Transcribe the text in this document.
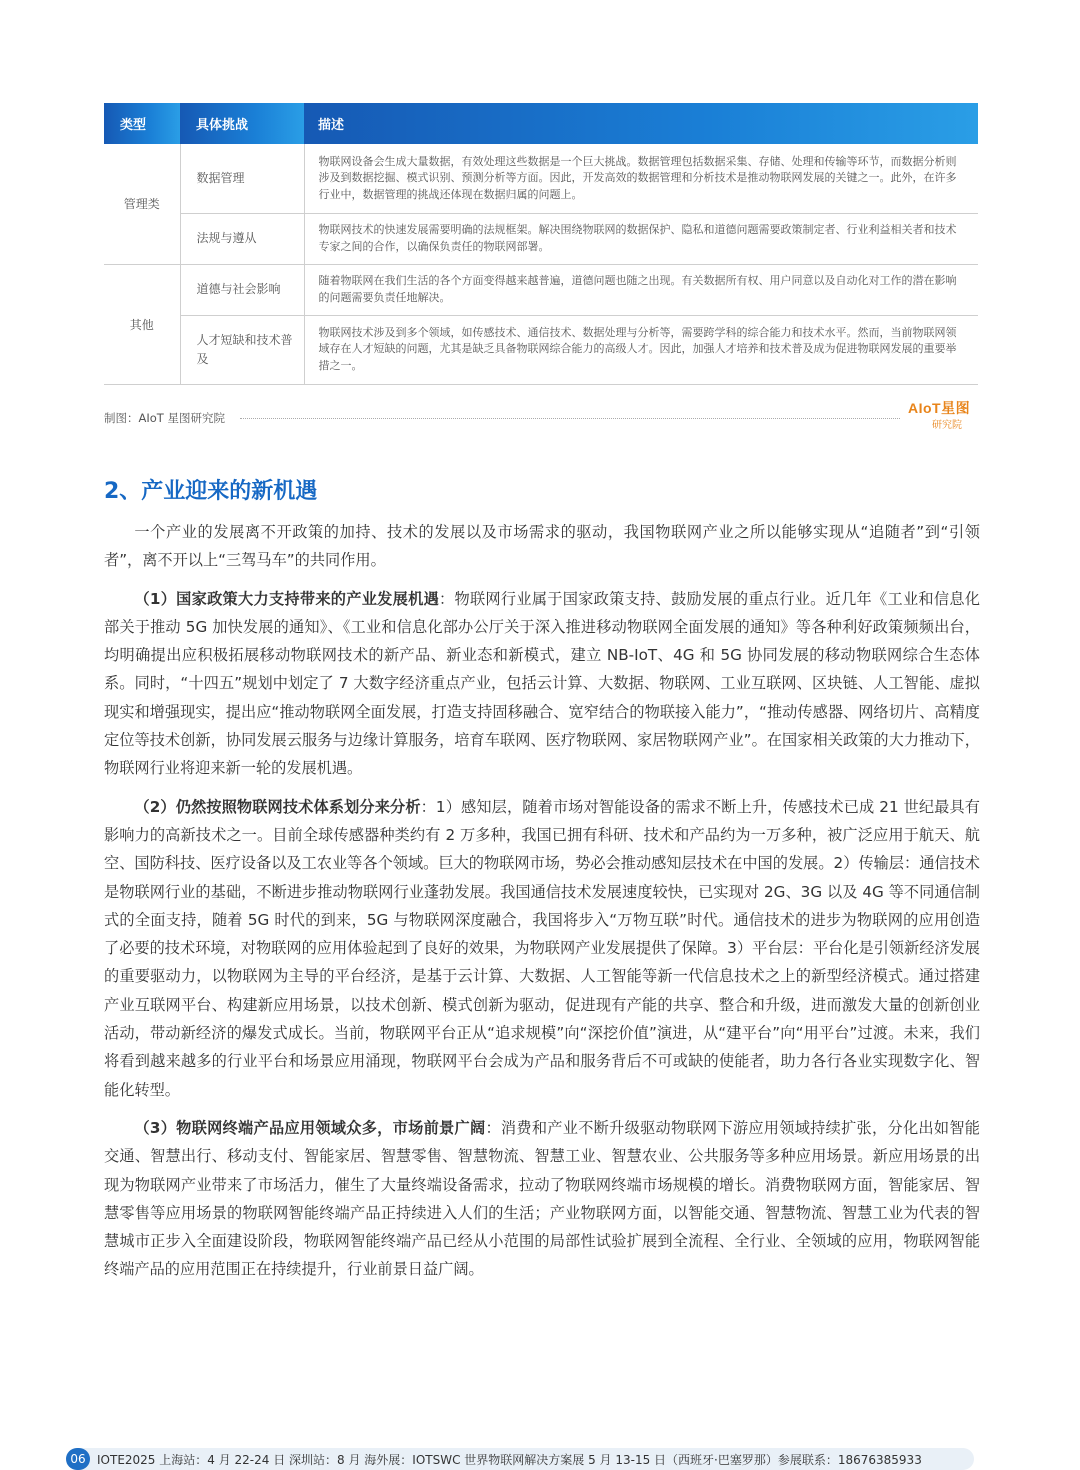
类型	具体挑战	描述
管理类	数据管理	物联网设备会生成大量数据，有效处理这些数据是一个巨大挑战。数据管理包括数据采集、存储、处理和传输等环节，而数据分析则涉及到数据挖掘、模式识别、预测分析等方面。因此，开发高效的数据管理和分析技术是推动物联网发展的关键之一。此外，在许多行业中，数据管理的挑战还体现在数据归属的问题上。
	法规与遵从	物联网技术的快速发展需要明确的法规框架。解决围绕物联网的数据保护、隐私和道德问题需要政策制定者、行业利益相关者和技术专家之间的合作，以确保负责任的物联网部署。
其他	道德与社会影响	随着物联网在我们生活的各个方面变得越来越普遍，道德问题也随之出现。有关数据所有权、用户同意以及自动化对工作的潜在影响的问题需要负责任地解决。
	人才短缺和技术普及	物联网技术涉及到多个领域，如传感技术、通信技术、数据处理与分析等，需要跨学科的综合能力和技术水平。然而，当前物联网领域存在人才短缺的问题，尤其是缺乏具备物联网综合能力的高级人才。因此，加强人才培养和技术普及成为促进物联网发展的重要举措之一。
制图：AIoT 星图研究院
AIoT星图
研究院
2、产业迎来的新机遇

一个产业的发展离不开政策的加持、技术的发展以及市场需求的驱动，我国物联网产业之所以能够实现从“追随者”到“引领者”，离不开以上“三驾马车”的共同作用。

（1）国家政策大力支持带来的产业发展机遇：物联网行业属于国家政策支持、鼓励发展的重点行业。近几年《工业和信息化部关于推动 5G 加快发展的通知》、《工业和信息化部办公厅关于深入推进移动物联网全面发展的通知》等各种利好政策频频出台，均明确提出应积极拓展移动物联网技术的新产品、新业态和新模式，建立 NB-IoT、4G 和 5G 协同发展的移动物联网综合生态体系。同时，“十四五”规划中划定了 7 大数字经济重点产业，包括云计算、大数据、物联网、工业互联网、区块链、人工智能、虚拟现实和增强现实，提出应“推动物联网全面发展，打造支持固移融合、宽窄结合的物联接入能力”，“推动传感器、网络切片、高精度定位等技术创新，协同发展云服务与边缘计算服务，培育车联网、医疗物联网、家居物联网产业”。在国家相关政策的大力推动下，物联网行业将迎来新一轮的发展机遇。

（2）仍然按照物联网技术体系划分来分析：1）感知层，随着市场对智能设备的需求不断上升，传感技术已成 21 世纪最具有影响力的高新技术之一。目前全球传感器种类约有 2 万多种，我国已拥有科研、技术和产品约为一万多种，被广泛应用于航天、航空、国防科技、医疗设备以及工农业等各个领域。巨大的物联网市场，势必会推动感知层技术在中国的发展。2）传输层：通信技术是物联网行业的基础，不断进步推动物联网行业蓬勃发展。我国通信技术发展速度较快，已实现对 2G、3G 以及 4G 等不同通信制式的全面支持，随着 5G 时代的到来，5G 与物联网深度融合，我国将步入“万物互联”时代。通信技术的进步为物联网的应用创造了必要的技术环境，对物联网的应用体验起到了良好的效果，为物联网产业发展提供了保障。3）平台层：平台化是引领新经济发展的重要驱动力，以物联网为主导的平台经济，是基于云计算、大数据、人工智能等新一代信息技术之上的新型经济模式。通过搭建产业互联网平台、构建新应用场景，以技术创新、模式创新为驱动，促进现有产能的共享、整合和升级，进而激发大量的创新创业活动，带动新经济的爆发式成长。当前，物联网平台正从“追求规模”向“深挖价值”演进，从“建平台”向“用平台”过渡。未来，我们将看到越来越多的行业平台和场景应用涌现，物联网平台会成为产品和服务背后不可或缺的使能者，助力各行各业实现数字化、智能化转型。

（3）物联网终端产品应用领域众多，市场前景广阔：消费和产业不断升级驱动物联网下游应用领域持续扩张，分化出如智能交通、智慧出行、移动支付、智能家居、智慧零售、智慧物流、智慧工业、智慧农业、公共服务等多种应用场景。新应用场景的出现为物联网产业带来了市场活力，催生了大量终端设备需求，拉动了物联网终端市场规模的增长。消费物联网方面，智能家居、智慧零售等应用场景的物联网智能终端产品正持续进入人们的生活；产业物联网方面，以智能交通、智慧物流、智慧工业为代表的智慧城市正步入全面建设阶段，物联网智能终端产品已经从小范围的局部性试验扩展到全流程、全行业、全领域的应用，物联网智能终端产品的应用范围正在持续提升，行业前景日益广阔。

06 IOTE2025 上海站：4 月 22-24 日 深圳站：8 月 海外展：IOTSWC 世界物联网解决方案展 5 月 13-15 日（西班牙·巴塞罗那）参展联系：18676385933
